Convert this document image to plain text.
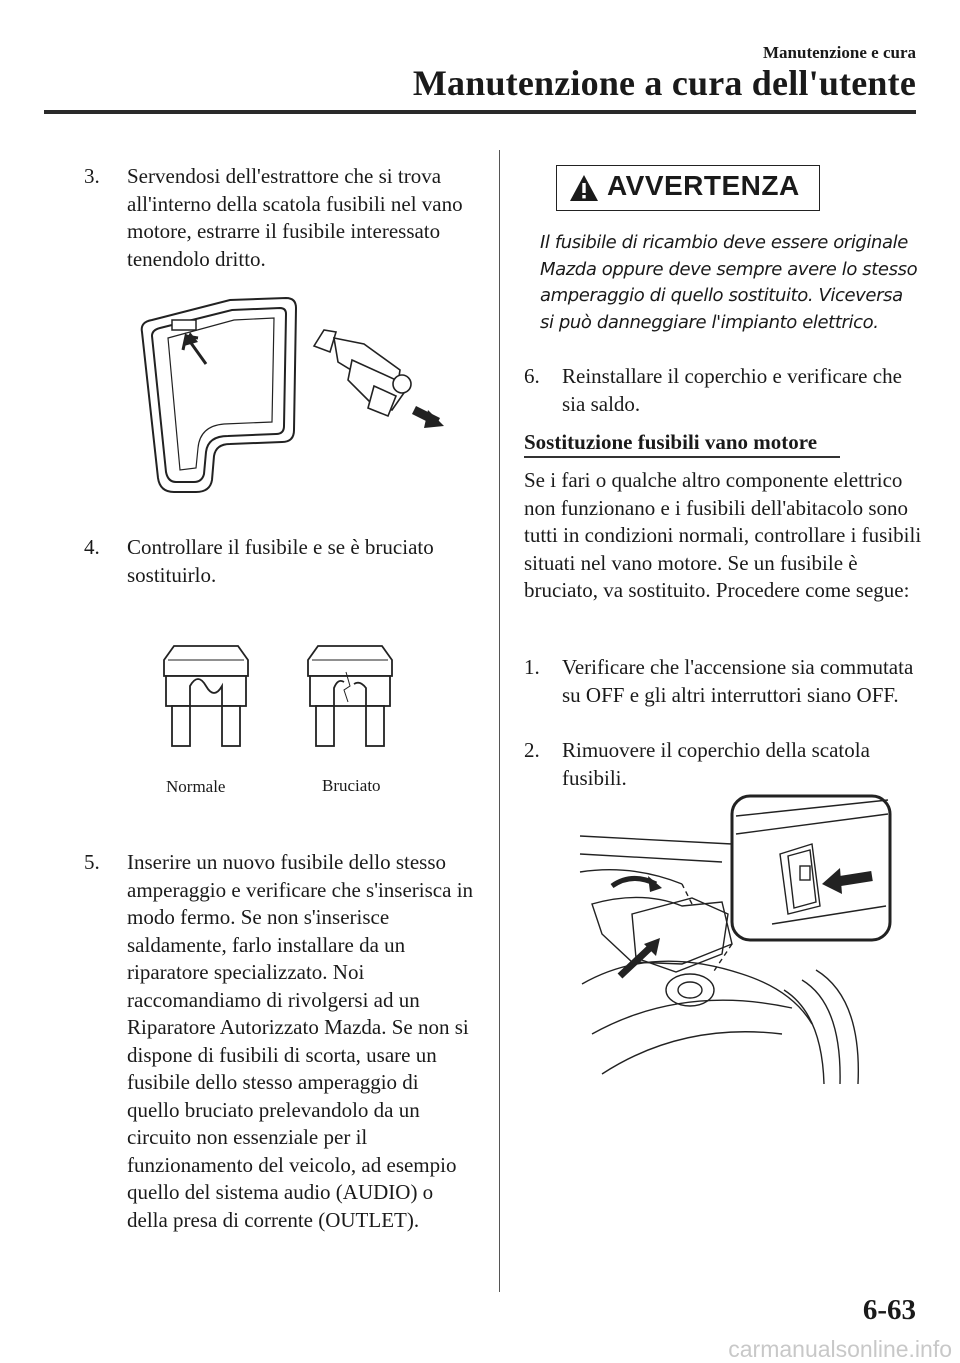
Manutenzione e cura
Manutenzione a cura dell'utente
3.	Servendosi dell'estrattore che si trova all'interno della scatola fusibili nel vano motore, estrarre il fusibile interessato tenendolo dritto.
4.	Controllare il fusibile e se è bruciato sostituirlo.
Normale	Bruciato
5.	Inserire un nuovo fusibile dello stesso amperaggio e verificare che s'inserisca in modo fermo. Se non s'inserisce saldamente, farlo installare da un riparatore specializzato. Noi raccomandiamo di rivolgersi ad un Riparatore Autorizzato Mazda. Se non si dispone di fusibili di scorta, usare un fusibile dello stesso amperaggio di quello bruciato prelevandolo da un circuito non essenziale per il funzionamento del veicolo, ad esempio quello del sistema audio (AUDIO) o della presa di corrente (OUTLET).
AVVERTENZA
Il fusibile di ricambio deve essere originale Mazda oppure deve sempre avere lo stesso amperaggio di quello sostituito. Viceversa si può danneggiare l'impianto elettrico.
6.	Reinstallare il coperchio e verificare che sia saldo.
Sostituzione fusibili vano motore
Se i fari o qualche altro componente elettrico non funzionano e i fusibili dell'abitacolo sono tutti in condizioni normali, controllare i fusibili situati nel vano motore. Se un fusibile è bruciato, va sostituito. Procedere come segue:
1.	Verificare che l'accensione sia commutata su OFF e gli altri interruttori siano OFF.
2.	Rimuovere il coperchio della scatola fusibili.
6-63
carmanualsonline.info
